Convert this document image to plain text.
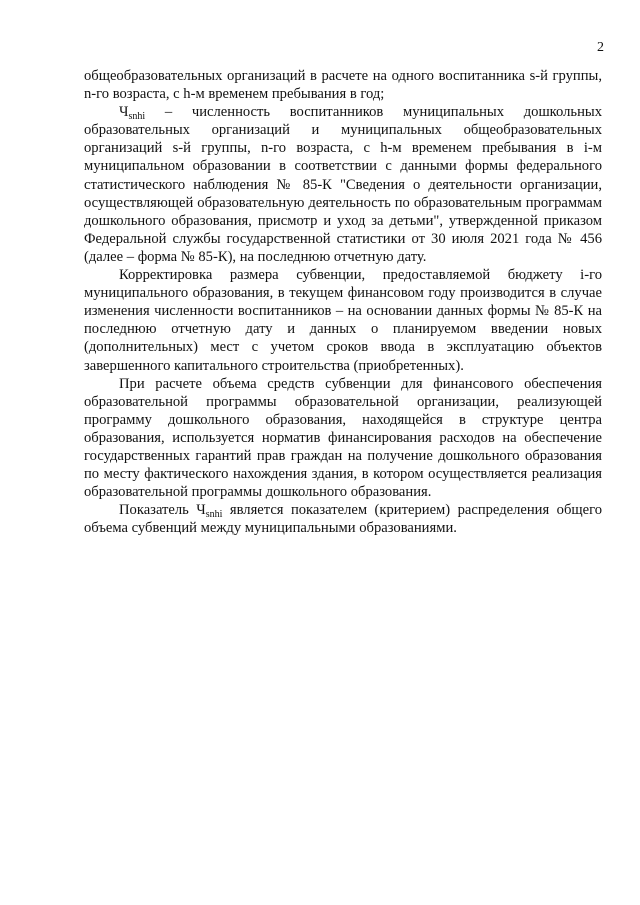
2

общеобразовательных организаций в расчете на одного воспитанника s-й группы, n-го возраста, с h-м временем пребывания в год;

$Ч_{snhi}$ – численность воспитанников муниципальных дошкольных образовательных организаций и муниципальных общеобразовательных организаций s-й группы, n-го возраста, с h-м временем пребывания в i-м муниципальном образовании в соответствии с данными формы федерального статистического наблюдения № 85-К "Сведения о деятельности организации, осуществляющей образовательную деятельность по образовательным программам дошкольного образования, присмотр и уход за детьми", утвержденной приказом Федеральной службы государственной статистики от 30 июля 2021 года № 456 (далее – форма № 85-К), на последнюю отчетную дату.

Корректировка размера субвенции, предоставляемой бюджету i-го муниципального образования, в текущем финансовом году производится в случае изменения численности воспитанников – на основании данных формы № 85-К на последнюю отчетную дату и данных о планируемом введении новых (дополнительных) мест с учетом сроков ввода в эксплуатацию объектов завершенного капитального строительства (приобретенных).

При расчете объема средств субвенции для финансового обеспечения образовательной программы образовательной организации, реализующей программу дошкольного образования, находящейся в структуре центра образования, используется норматив финансирования расходов на обеспечение государственных гарантий прав граждан на получение дошкольного образования по месту фактического нахождения здания, в котором осуществляется реализация образовательной программы дошкольного образования.

Показатель $Ч_{snhi}$ является показателем (критерием) распределения общего объема субвенций между муниципальными образованиями.
